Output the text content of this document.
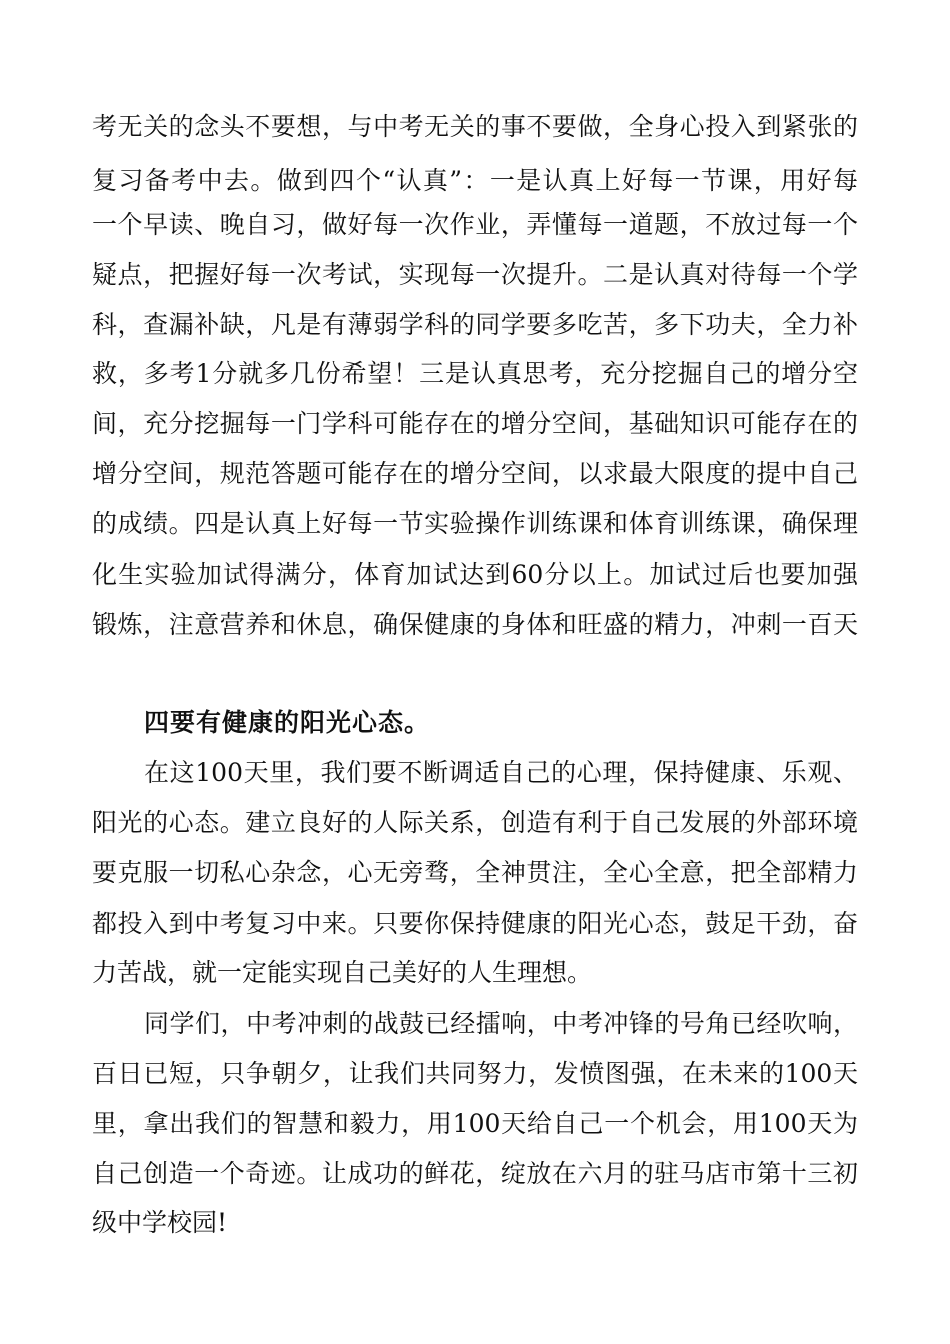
考无关的念头不要想，与中考无关的事不要做，全身心投入到紧张的
复习备考中去。做到四个“认真”：一是认真上好每一节课，用好每
一个早读、晚自习，做好每一次作业，弄懂每一道题，不放过每一个
疑点，把握好每一次考试，实现每一次提升。二是认真对待每一个学
科，查漏补缺，凡是有薄弱学科的同学要多吃苦，多下功夫，全力补
救，多考1分就多几份希望！三是认真思考，充分挖掘自己的增分空
间，充分挖掘每一门学科可能存在的增分空间，基础知识可能存在的
增分空间，规范答题可能存在的增分空间，以求最大限度的提中自己
的成绩。四是认真上好每一节实验操作训练课和体育训练课，确保理
化生实验加试得满分，体育加试达到60分以上。加试过后也要加强
锻炼，注意营养和休息，确保健康的身体和旺盛的精力，冲刺一百天
四要有健康的阳光心态。
在这100天里，我们要不断调适自己的心理，保持健康、乐观、
阳光的心态。建立良好的人际关系，创造有利于自己发展的外部环境
要克服一切私心杂念，心无旁骛，全神贯注，全心全意，把全部精力
都投入到中考复习中来。只要你保持健康的阳光心态，鼓足干劲，奋
力苦战，就一定能实现自己美好的人生理想。
同学们，中考冲刺的战鼓已经擂响，中考冲锋的号角已经吹响，
百日已短，只争朝夕，让我们共同努力，发愤图强，在未来的100天
里，拿出我们的智慧和毅力，用100天给自己一个机会，用100天为
自己创造一个奇迹。让成功的鲜花，绽放在六月的驻马店市第十三初
级中学校园!
